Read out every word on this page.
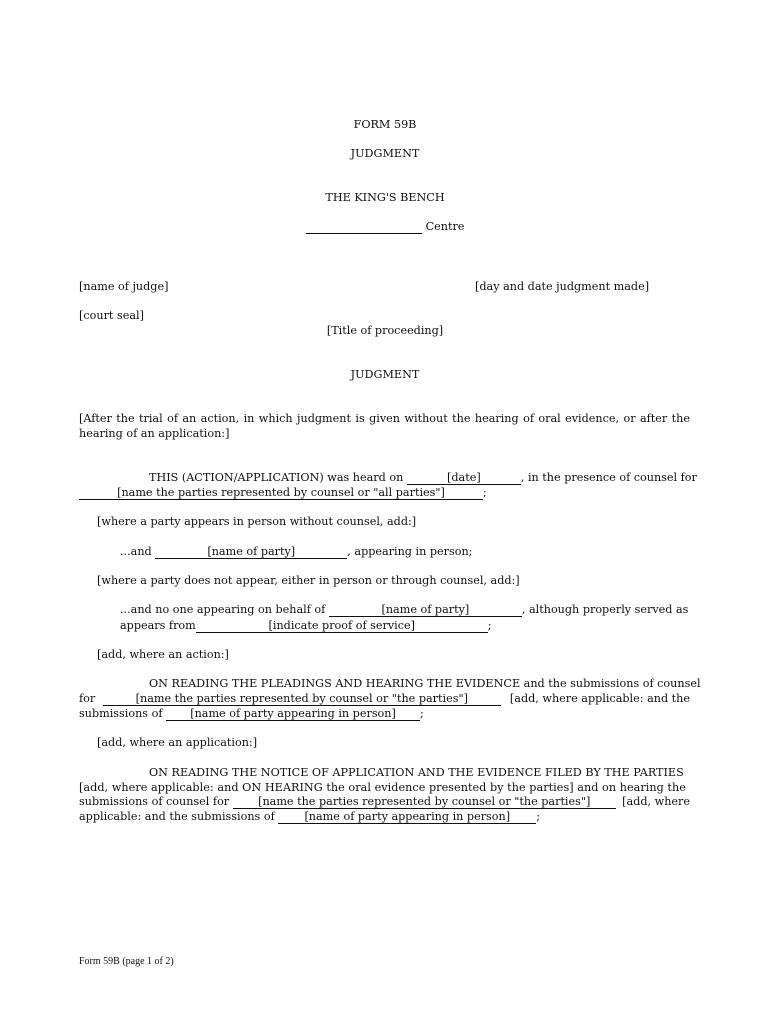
FORM 59B
JUDGMENT
THE KING'S BENCH
Centre
[name of judge]	[day and date judgment made]
[court seal]
[Title of proceeding]
JUDGMENT
[After the trial of an action, in which judgment is given without the hearing of oral evidence, or after the hearing of an application:]
THIS (ACTION/APPLICATION) was heard on	[date]	, in the presence of counsel for
[name the parties represented by counsel or "all parties"]	;
[where a party appears in person without counsel, add:]
...and	[name of party]	, appearing in person;
[where a party does not appear, either in person or through counsel, add:]
...and no one appearing on behalf of	[name of party]	, although properly served as
appears from	[indicate proof of service]	;
[add, where an action:]
ON READING THE PLEADINGS AND HEARING THE EVIDENCE and the submissions of counsel
for	[name the parties represented by counsel or "the parties"]	[add, where applicable: and the
submissions of [name of party appearing in person] ;
[add, where an application:]
ON READING THE NOTICE OF APPLICATION AND THE EVIDENCE FILED BY THE PARTIES
[add, where applicable: and ON HEARING the oral evidence presented by the parties] and on hearing the
submissions of counsel for	[name the parties represented by counsel or "the parties"]	[add, where
applicable: and the submissions of	[name of party appearing in person] ;
Form 59B (page 1 of 2)
